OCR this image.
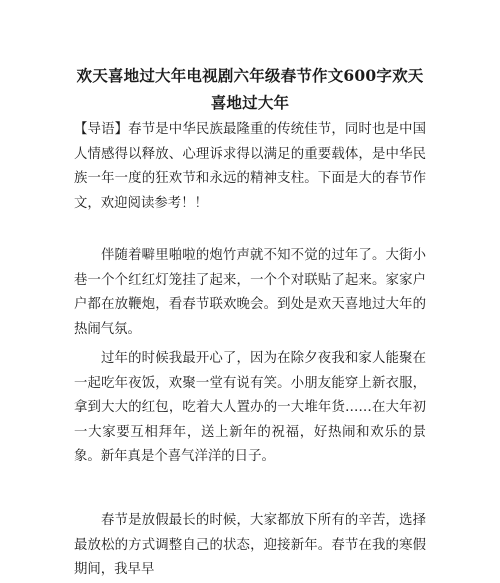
欢天喜地过大年电视剧六年级春节作文600字欢天喜地过大年

【导语】春节是中华民族最隆重的传统佳节，同时也是中国人情感得以释放、心理诉求得以满足的重要载体，是中华民族一年一度的狂欢节和永远的精神支柱。下面是大的春节作文，欢迎阅读参考！！

伴随着噼里啪啦的炮竹声就不知不觉的过年了。大街小巷一个个红红灯笼挂了起来，一个个对联贴了起来。家家户户都在放鞭炮，看春节联欢晚会。到处是欢天喜地过大年的热闹气氛。

过年的时候我最开心了，因为在除夕夜我和家人能聚在一起吃年夜饭，欢聚一堂有说有笑。小朋友能穿上新衣服，拿到大大的红包，吃着大人置办的一大堆年货……在大年初一大家要互相拜年，送上新年的祝福，好热闹和欢乐的景象。新年真是个喜气洋洋的日子。

春节是放假最长的时候，大家都放下所有的辛苦，选择最放松的方式调整自己的状态，迎接新年。春节在我的寒假期间，我早早
